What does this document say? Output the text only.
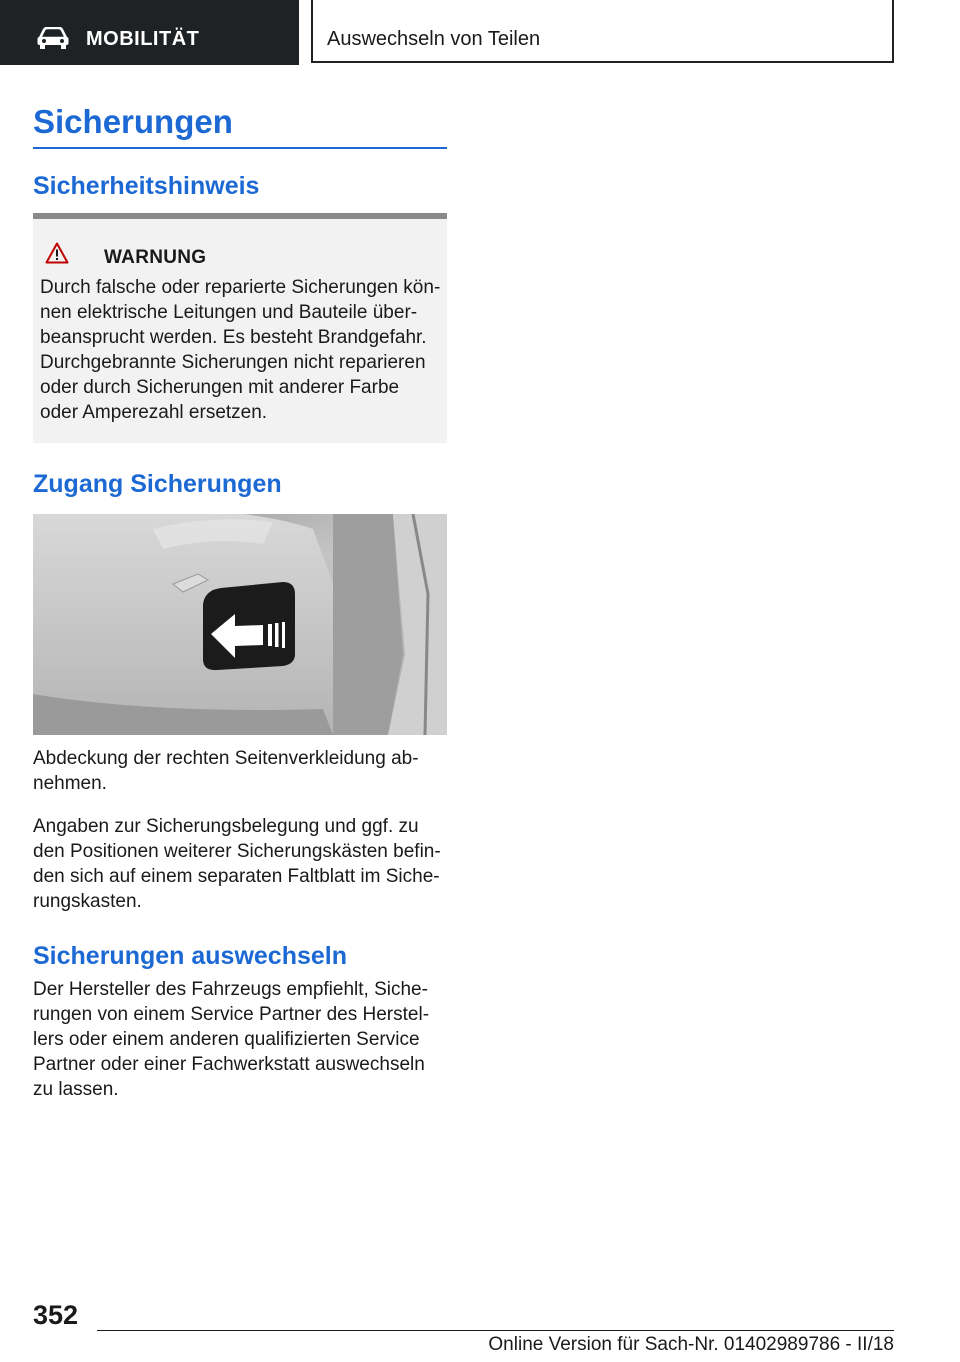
MOBILITÄT	Auswechseln von Teilen
Sicherungen
Sicherheitshinweis
WARNUNG
Durch falsche oder reparierte Sicherungen kön-
nen elektrische Leitungen und Bauteile über-
beansprucht werden. Es besteht Brandgefahr.
Durchgebrannte Sicherungen nicht reparieren
oder durch Sicherungen mit anderer Farbe
oder Amperezahl ersetzen.
Zugang Sicherungen
Abdeckung der rechten Seitenverkleidung ab-
nehmen.
Angaben zur Sicherungsbelegung und ggf. zu
den Positionen weiterer Sicherungskästen befin-
den sich auf einem separaten Faltblatt im Siche-
rungskasten.
Sicherungen auswechseln
Der Hersteller des Fahrzeugs empfiehlt, Siche-
rungen von einem Service Partner des Herstel-
lers oder einem anderen qualifizierten Service
Partner oder einer Fachwerkstatt auswechseln
zu lassen.
352
Online Version für Sach-Nr. 01402989786 - II/18
